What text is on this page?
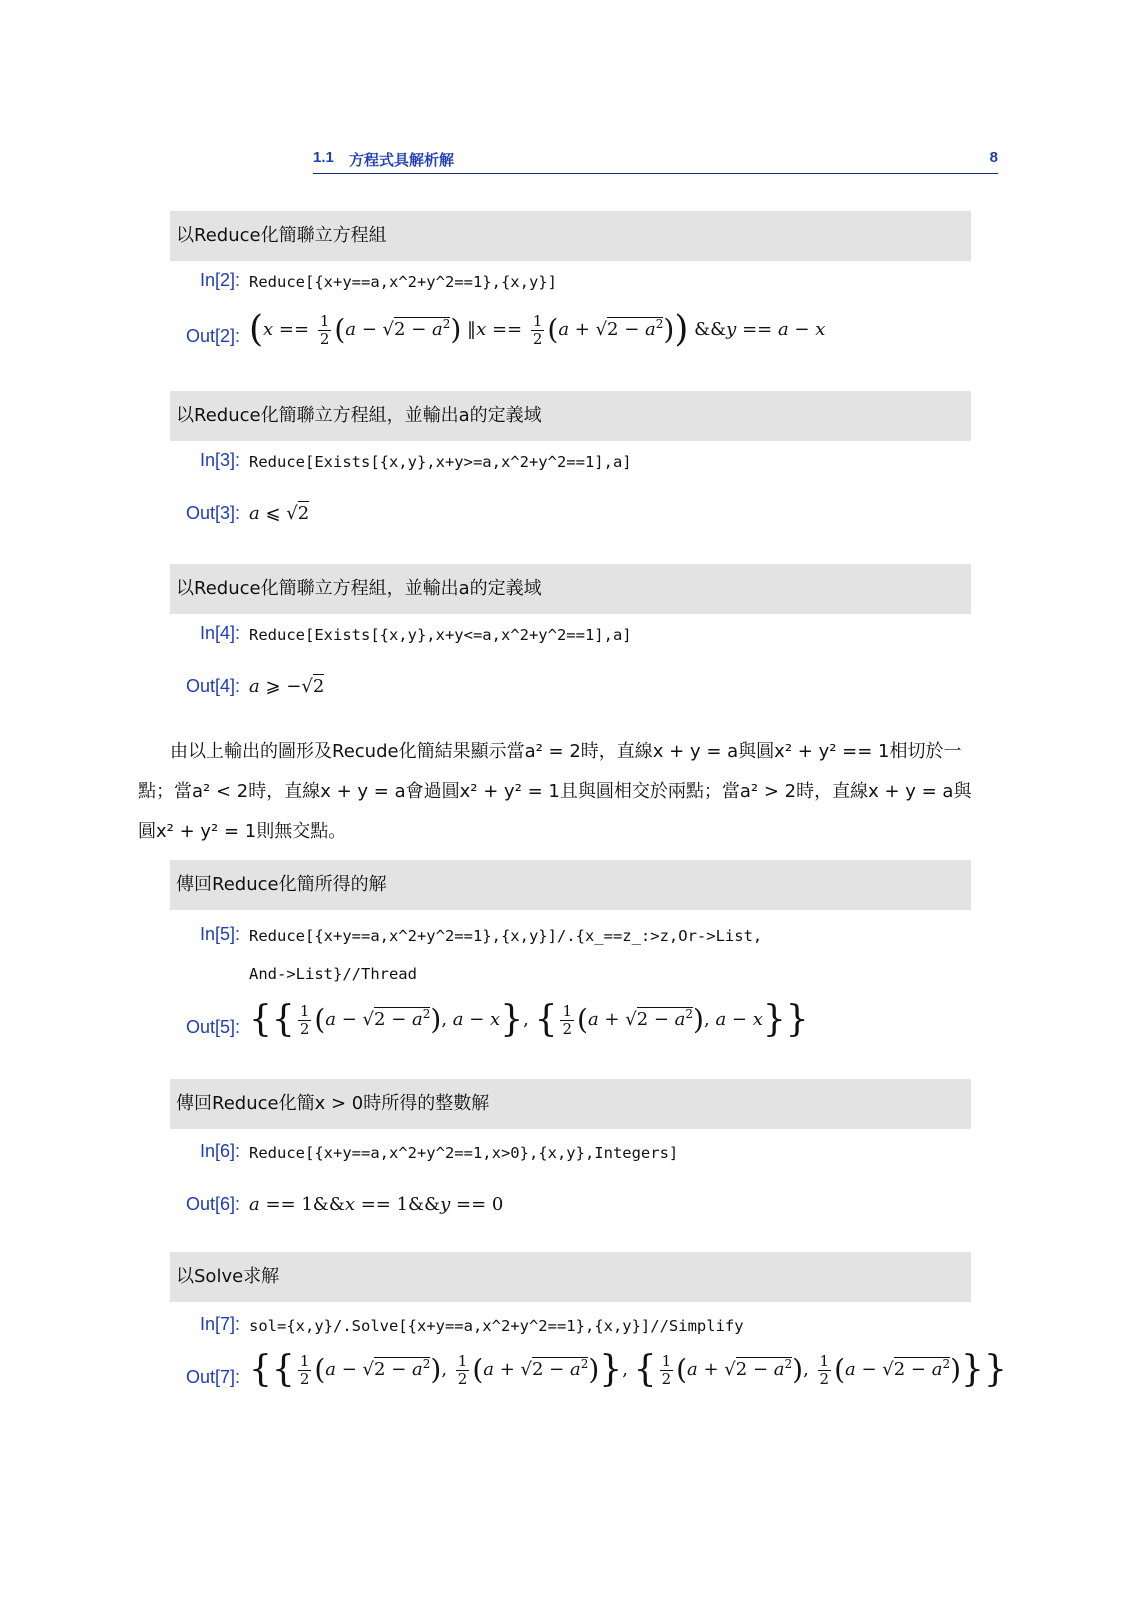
1.1 方程式具解析解	8
以Reduce化簡聯立方程組
In[2]: Reduce[{x+y==a,x^2+y^2==1},{x,y}]
Out[2]: ($x == \frac{1}{2} (a - √2 - a^2)$ ‖x == $\frac{1}{2} (a + √2 - a^2)$) &&y == a − x
以Reduce化簡聯立方程組，並輸出a的定義域
In[3]: Reduce[Exists[{x,y},x+y>=a,x^2+y^2==1],a]
Out[3]: a ⩽ √2
以Reduce化簡聯立方程組，並輸出a的定義域
In[4]: Reduce[Exists[{x,y},x+y<=a,x^2+y^2==1],a]
Out[4]: a ⩾ −√2
由以上輸出的圖形及Recude化簡結果顯示當a² = 2時，直線x + y = a與圓x² + y² == 1相切於一
點；當a² < 2時，直線x + y = a會過圓x² + y² = 1且與圓相交於兩點；當a² > 2時，直線x + y = a與
圓x² + y² = 1則無交點。
傳回Reduce化簡所得的解
In[5]: Reduce[{x+y==a,x^2+y^2==1},{x,y}]/.{x_==z_:>z,Or->List,
And->List}//Thread
Out[5]: {{ $\frac{1}{2} (a - √2 - a^2)$, a − x}, { $\frac{1}{2} (a + √2 - a^2)$, a − x}}
傳回Reduce化簡x > 0時所得的整數解
In[6]: Reduce[{x+y==a,x^2+y^2==1,x>0},{x,y},Integers]
Out[6]: a == 1&&x == 1&&y == 0
以Solve求解
In[7]: sol={x,y}/.Solve[{x+y==a,x^2+y^2==1},{x,y}]//Simplify
Out[7]: {{ $\frac{1}{2} (a - √2 - a^2)$, $\frac{1}{2} (a + √2 - a^2)$}, { $\frac{1}{2} (a + √2 - a^2)$, $\frac{1}{2} (a - √2 - a^2)$}}
